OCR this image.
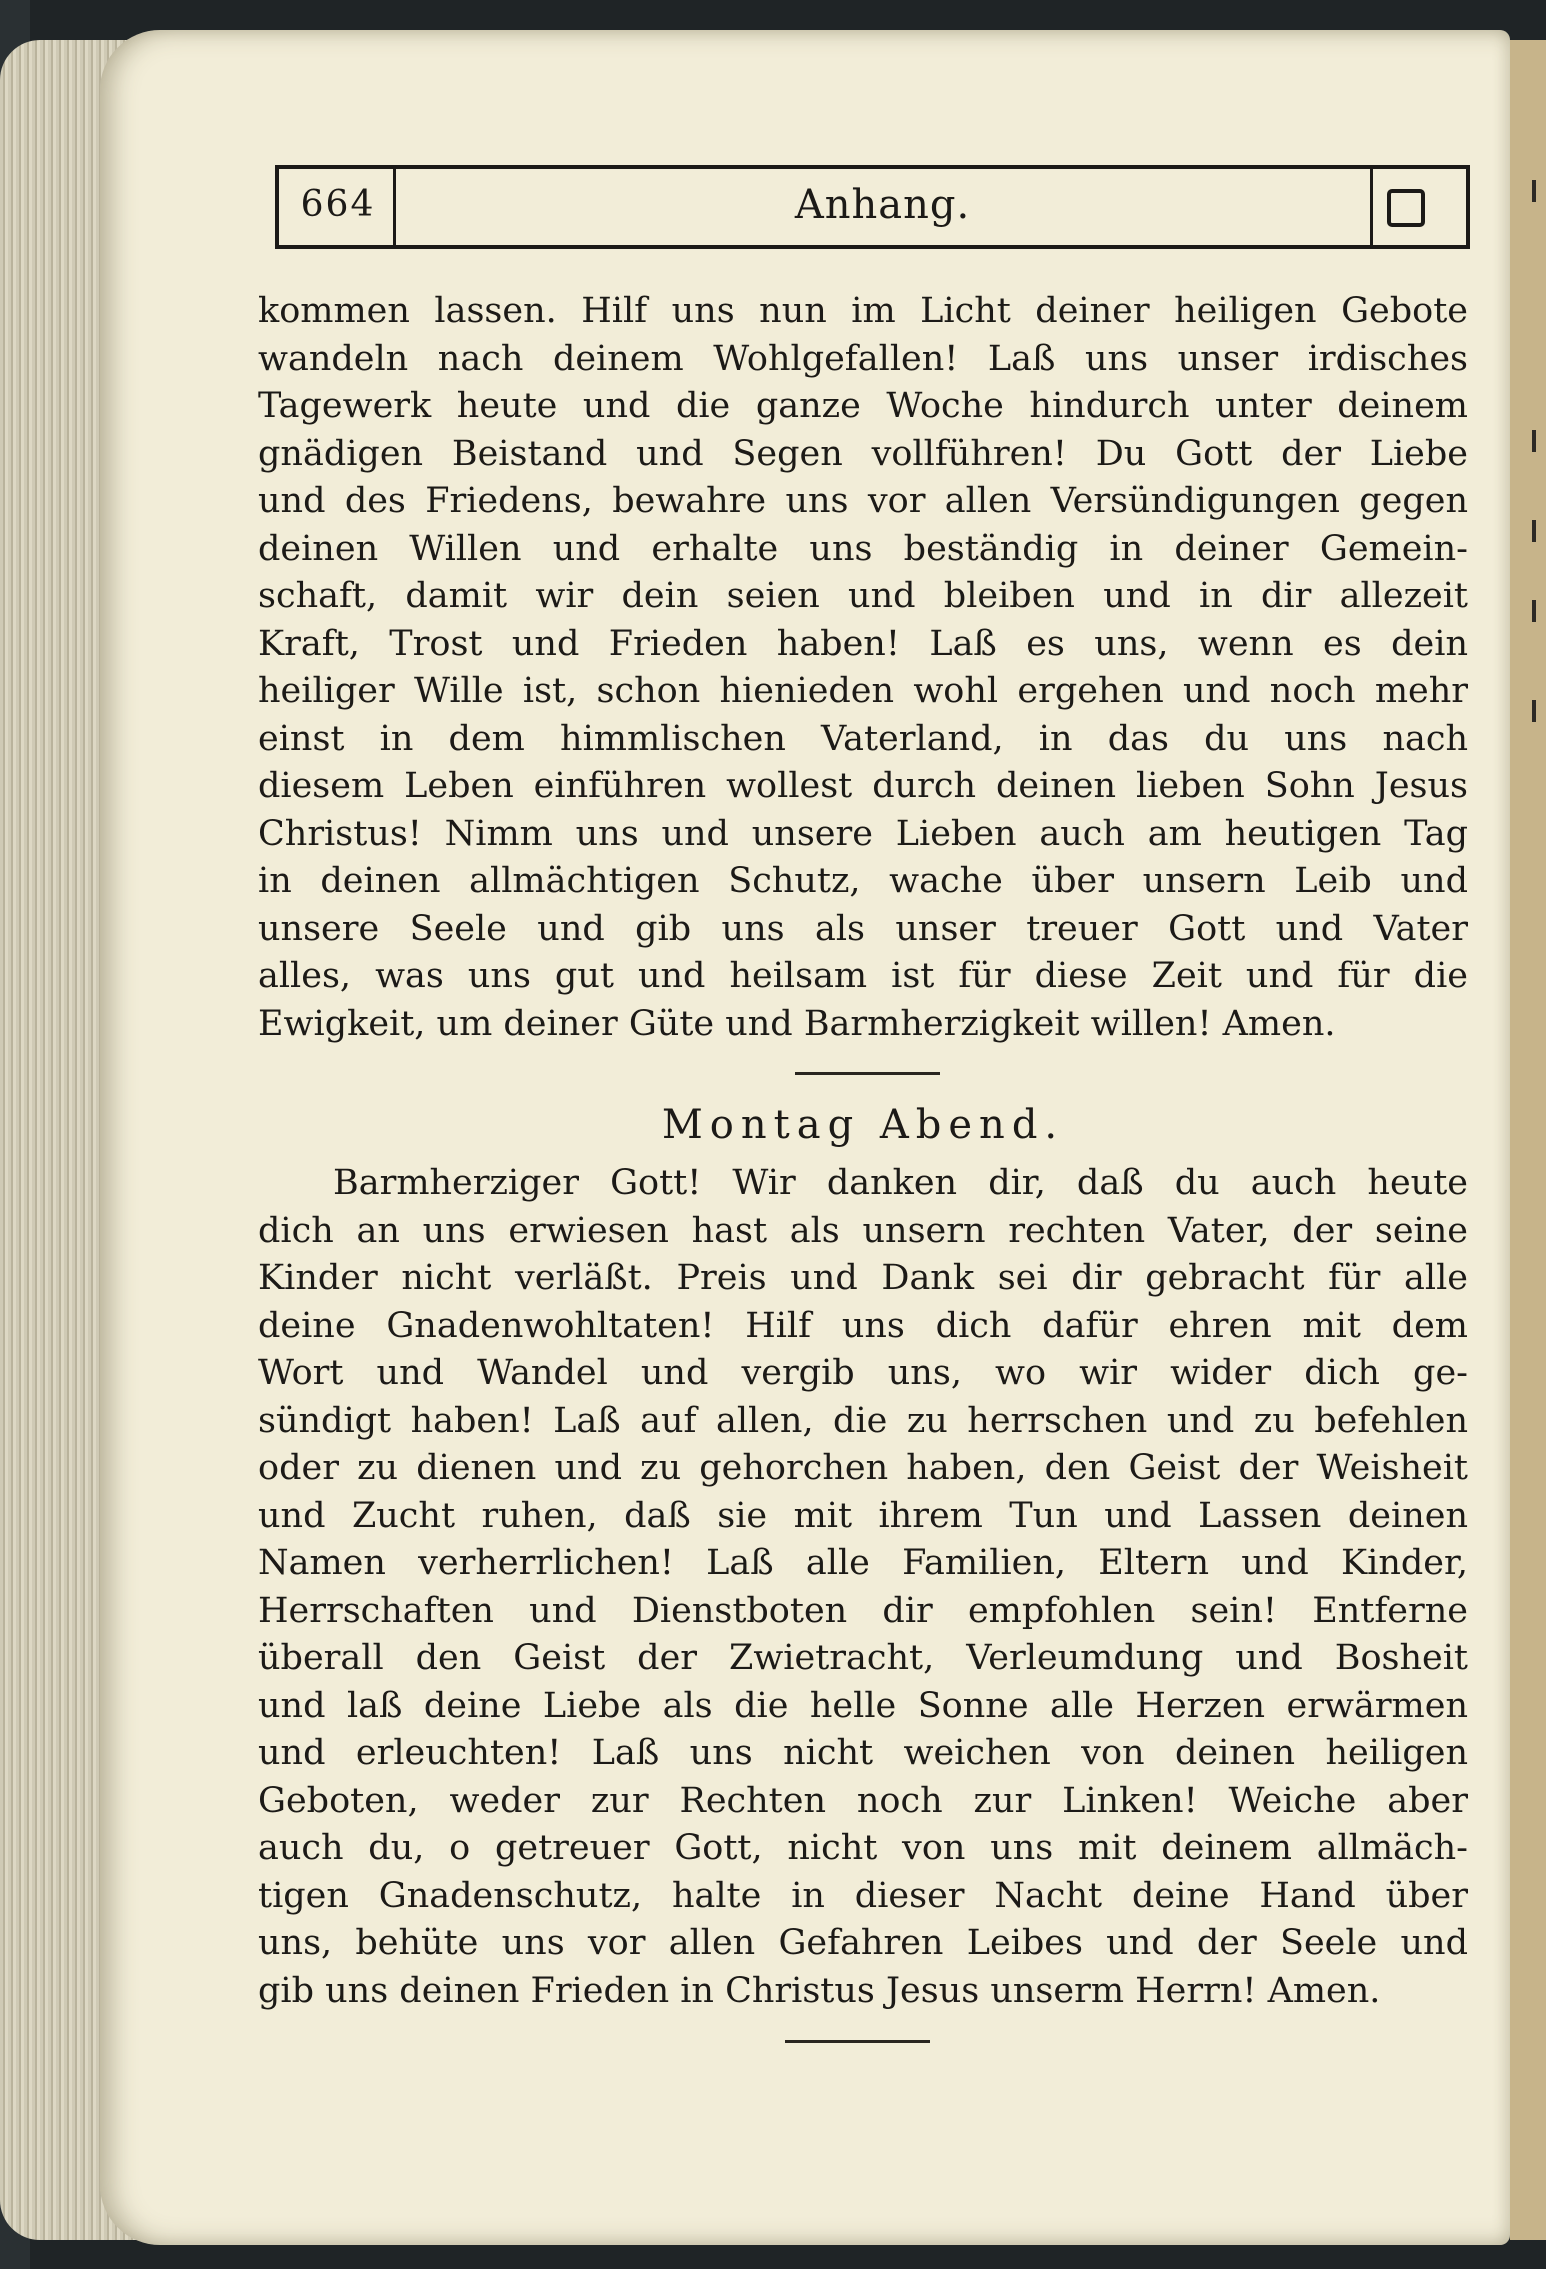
664	Anhang.
kommen lassen. Hilf uns nun im Licht deiner heiligen Gebote
wandeln nach deinem Wohlgefallen! Laß uns unser irdisches
Tagewerk heute und die ganze Woche hindurch unter deinem
gnädigen Beistand und Segen vollführen! Du Gott der Liebe
und des Friedens, bewahre uns vor allen Versündigungen gegen
deinen Willen und erhalte uns beständig in deiner Gemein-
schaft, damit wir dein seien und bleiben und in dir allezeit
Kraft, Trost und Frieden haben! Laß es uns, wenn es dein
heiliger Wille ist, schon hienieden wohl ergehen und noch mehr
einst in dem himmlischen Vaterland, in das du uns nach
diesem Leben einführen wollest durch deinen lieben Sohn Jesus
Christus! Nimm uns und unsere Lieben auch am heutigen Tag
in deinen allmächtigen Schutz, wache über unsern Leib und
unsere Seele und gib uns als unser treuer Gott und Vater
alles, was uns gut und heilsam ist für diese Zeit und für die
Ewigkeit, um deiner Güte und Barmherzigkeit willen! Amen.
Montag Abend.
Barmherziger Gott! Wir danken dir, daß du auch heute
dich an uns erwiesen hast als unsern rechten Vater, der seine
Kinder nicht verläßt. Preis und Dank sei dir gebracht für alle
deine Gnadenwohltaten! Hilf uns dich dafür ehren mit dem
Wort und Wandel und vergib uns, wo wir wider dich ge-
sündigt haben! Laß auf allen, die zu herrschen und zu befehlen
oder zu dienen und zu gehorchen haben, den Geist der Weisheit
und Zucht ruhen, daß sie mit ihrem Tun und Lassen deinen
Namen verherrlichen! Laß alle Familien, Eltern und Kinder,
Herrschaften und Dienstboten dir empfohlen sein! Entferne
überall den Geist der Zwietracht, Verleumdung und Bosheit
und laß deine Liebe als die helle Sonne alle Herzen erwärmen
und erleuchten! Laß uns nicht weichen von deinen heiligen
Geboten, weder zur Rechten noch zur Linken! Weiche aber
auch du, o getreuer Gott, nicht von uns mit deinem allmäch-
tigen Gnadenschutz, halte in dieser Nacht deine Hand über
uns, behüte uns vor allen Gefahren Leibes und der Seele und
gib uns deinen Frieden in Christus Jesus unserm Herrn! Amen.
